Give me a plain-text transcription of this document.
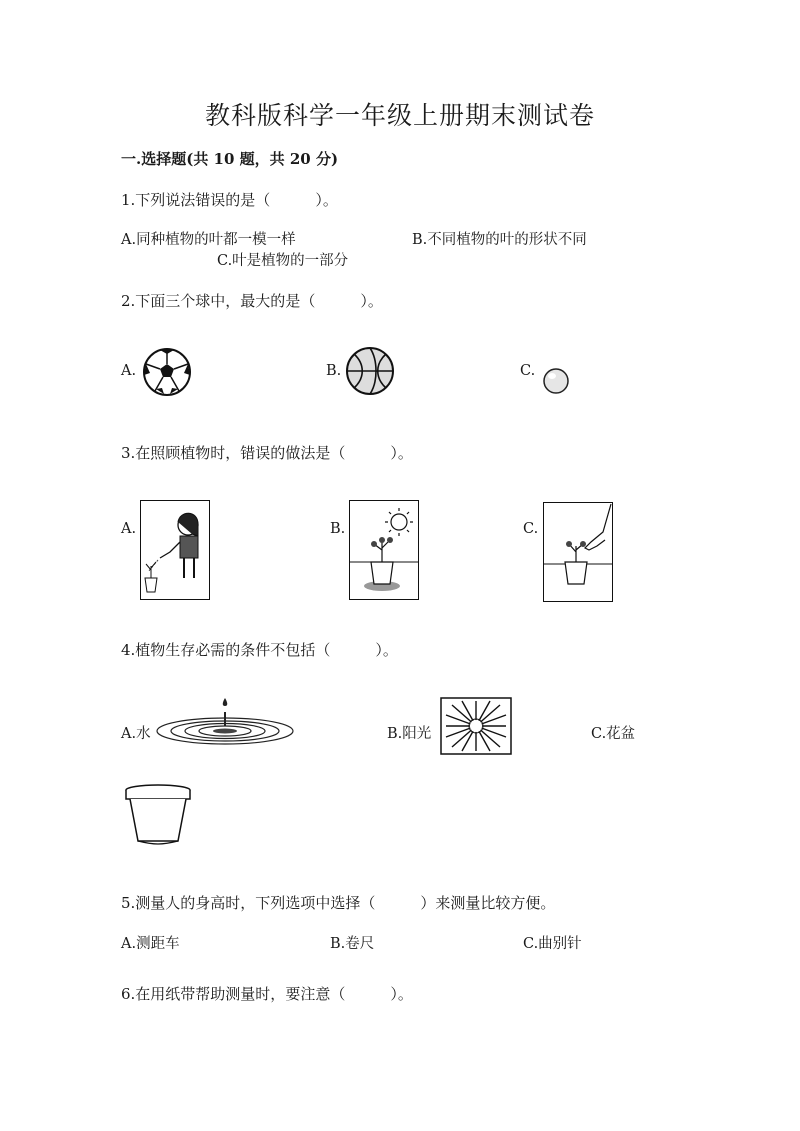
教科版科学一年级上册期末测试卷
一.选择题(共 10 题，共 20 分)
1.下列说法错误的是（　　　）。
A.同种植物的叶都一模一样	B.不同植物的叶的形状不同
C.叶是植物的一部分
2.下面三个球中，最大的是（　　　）。
A.	B.	C.
3.在照顾植物时，错误的做法是（　　　）。
A.	B.	C.
4.植物生存必需的条件不包括（　　　）。
A.水	B.阳光	C.花盆
5.测量人的身高时，下列选项中选择（　　　）来测量比较方便。
A.测距车	B.卷尺	C.曲别针
6.在用纸带帮助测量时，要注意（　　　）。
